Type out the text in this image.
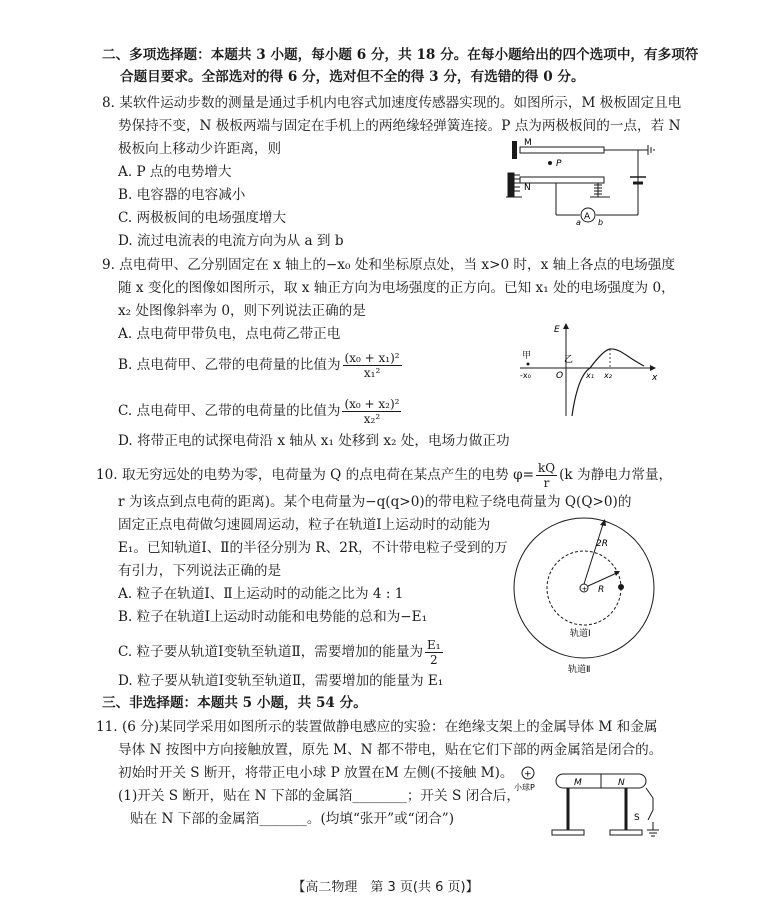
二、多项选择题：本题共 3 小题，每小题 6 分，共 18 分。在每小题给出的四个选项中，有多项符
合题目要求。全部选对的得 6 分，选对但不全的得 3 分，有选错的得 0 分。
8. 某软件运动步数的测量是通过手机内电容式加速度传感器实现的。如图所示，M 极板固定且电
势保持不变，N 极板两端与固定在手机上的两绝缘轻弹簧连接。P 点为两极板间的一点，若 N
极板向上移动少许距离，则
A. P 点的电势增大
B. 电容器的电容减小
C. 两极板间的电场强度增大
D. 流过电流表的电流方向为从 a 到 b
M
P
N
A
a b
9. 点电荷甲、乙分别固定在 x 轴上的−x₀ 处和坐标原点处，当 x>0 时，x 轴上各点的电场强度
随 x 变化的图像如图所示，取 x 轴正方向为电场强度的正方向。已知 x₁ 处的电场强度为 0，
x₂ 处图像斜率为 0，则下列说法正确的是
A. 点电荷甲带负电，点电荷乙带正电
B. 点电荷甲、乙带的电荷量的比值为 $\frac{\text{(x₀ + x₁)²}}{\text{x₁²}}$
C. 点电荷甲、乙带的电荷量的比值为 $\frac{\text{(x₀ + x₂)²}}{\text{x₂²}}$
D. 将带正电的试探电荷沿 x 轴从 x₁ 处移到 x₂ 处，电场力做正功
E
x
甲
-x₀
乙
O	x₁ x₂
10. 取无穷远处的电势为零，电荷量为 Q 的点电荷在某点产生的电势 $\varphi= \frac{kQ}{r} (k$ 为静电力常量，
r 为该点到点电荷的距离)。某个电荷量为−q(q>0)的带电粒子绕电荷量为 Q(Q>0)的
固定正点电荷做匀速圆周运动，粒子在轨道Ⅰ上运动时的动能为
E₁。已知轨道Ⅰ、Ⅱ的半径分别为 R、2R，不计带电粒子受到的万
有引力，下列说法正确的是
A. 粒子在轨道Ⅰ、Ⅱ上运动时的动能之比为 4 : 1
B. 粒子在轨道Ⅰ上运动时动能和电势能的总和为−E₁
C. 粒子要从轨道Ⅰ变轨至轨道Ⅱ，需要增加的能量为 $\frac{\text{E₁}}{2}$
D. 粒子要从轨道Ⅰ变轨至轨道Ⅱ，需要增加的能量为 E₁
+
2R
R
轨道Ⅰ
轨道Ⅱ
三、非选择题：本题共 5 小题，共 54 分。
11. (6 分)某同学采用如图所示的装置做静电感应的实验：在绝缘支架上的金属导体 M 和金属
导体 N 按图中方向接触放置，原先 M、N 都不带电，贴在它们下部的两金属箔是闭合的。
初始时开关 S 断开，将带正电小球 P 放置在M 左侧(不接触 M)。
(1)开关 S 断开，贴在 N 下部的金属箔________；开关 S 闭合后，
贴在 N 下部的金属箔_______。(均填“张开”或“闭合”)
+
小球P	M	N
S
【高二物理　第 3 页(共 6 页)】
